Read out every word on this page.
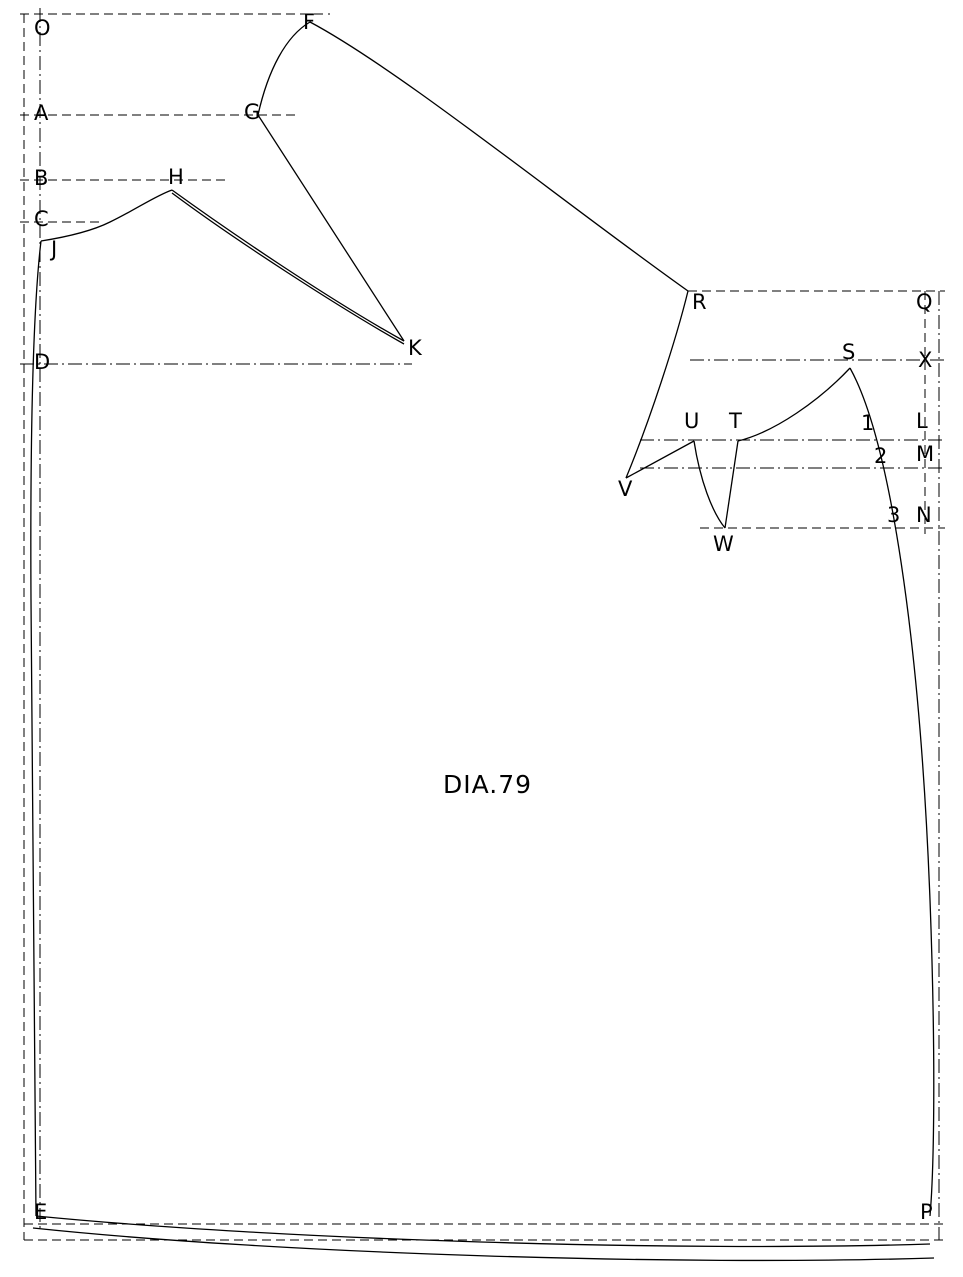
DIA.79
O	F
A	G
B	H
C
J
K
D
R	Q
S	X
U T	1 L
2 M
V
W
3 N
E	P
